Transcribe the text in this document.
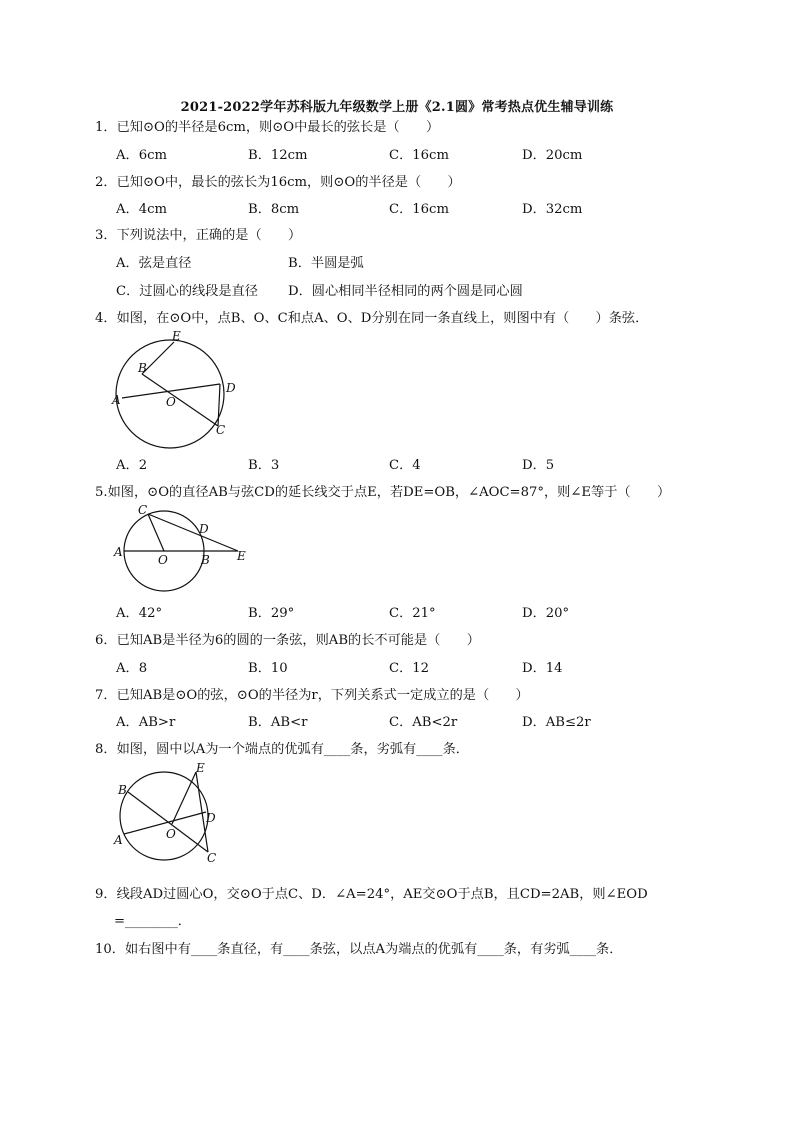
2021-2022学年苏科版九年级数学上册《2.1圆》常考热点优生辅导训练
1．已知⊙O的半径是6cm，则⊙O中最长的弦长是（　　）
A．6cm	B．12cm	C．16cm	D．20cm
2．已知⊙O中，最长的弦长为16cm，则⊙O的半径是（　　）
A．4cm	B．8cm	C．16cm	D．32cm
3．下列说法中，正确的是（　　）
A．弦是直径	B．半圆是弧
C．过圆心的线段是直径 D．圆心相同半径相同的两个圆是同心圆
4．如图，在⊙O中，点B、O、C和点A、O、D分别在同一条直线上，则图中有（　　）条弦．
E
B
A	O
D
C
A．2	B．3	C．4	D．5
5.如图，⊙O的直径AB与弦CD的延长线交于点E，若DE=OB，∠AOC=87°，则∠E等于（　　）
C
D
A
O	B E
A．42°	B．29°	C．21°	D．20°
6．已知AB是半径为6的圆的一条弦，则AB的长不可能是（　　）
A．8	B．10	C．12	D．14
7．已知AB是⊙O的弦，⊙O的半径为r，下列关系式一定成立的是（　　）
A．AB>r	B．AB<r	C．AB<2r	D．AB≤2r
8．如图，圆中以A为一个端点的优弧有____条，劣弧有____条．
E
B
D
A	O
C
9．线段AD过圆心O，交⊙O于点C、D．∠A=24°，AE交⊙O于点B，且CD=2AB，则∠EOD
=________．
10．如右图中有____条直径，有____条弦，以点A为端点的优弧有____条，有劣弧____条．
